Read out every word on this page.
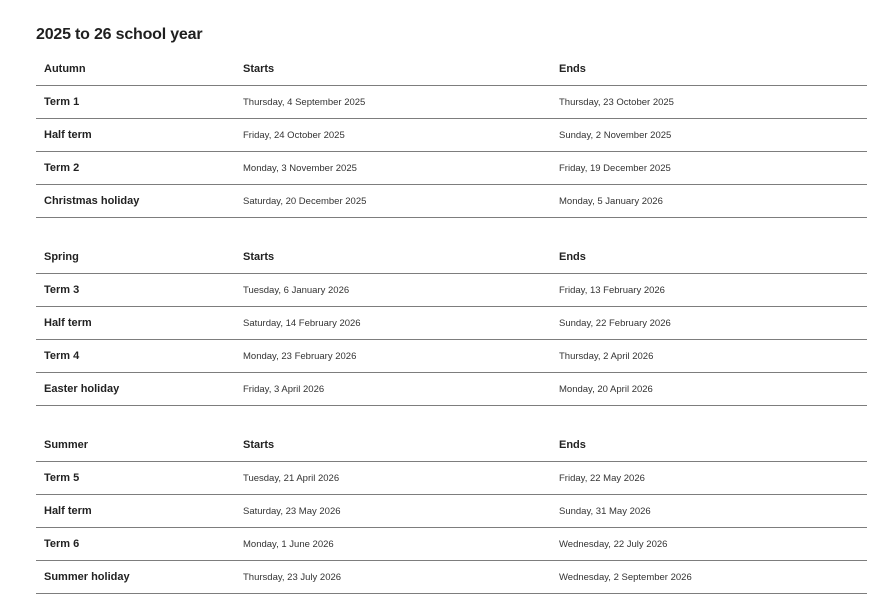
2025 to 26 school year
Autumn	Starts	Ends
Term 1	Thursday, 4 September 2025	Thursday, 23 October 2025
Half term	Friday, 24 October 2025	Sunday, 2 November 2025
Term 2	Monday, 3 November 2025	Friday, 19 December 2025
Christmas holiday	Saturday, 20 December 2025	Monday, 5 January 2026
Spring	Starts	Ends
Term 3	Tuesday, 6 January 2026	Friday, 13 February 2026
Half term	Saturday, 14 February 2026	Sunday, 22 February 2026
Term 4	Monday, 23 February 2026	Thursday, 2 April 2026
Easter holiday	Friday, 3 April 2026	Monday, 20 April 2026
Summer	Starts	Ends
Term 5	Tuesday, 21 April 2026	Friday, 22 May 2026
Half term	Saturday, 23 May 2026	Sunday, 31 May 2026
Term 6	Monday, 1 June 2026	Wednesday, 22 July 2026
Summer holiday	Thursday, 23 July 2026	Wednesday, 2 September 2026
